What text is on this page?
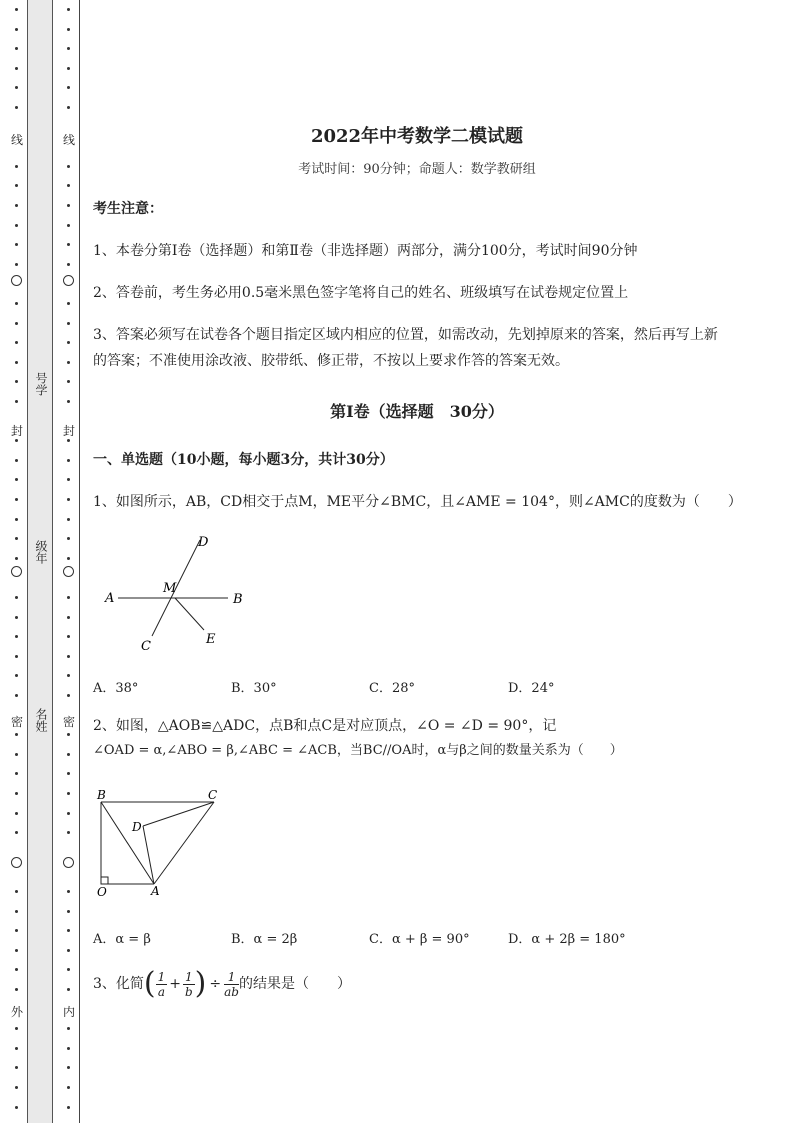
线
封
密
外
线
封
密
内
号学
级年
名姓
2022年中考数学二模试题
考试时间：90分钟；命题人：数学教研组
考生注意：
1、本卷分第I卷（选择题）和第Ⅱ卷（非选择题）两部分，满分100分，考试时间90分钟
2、答卷前，考生务必用0.5毫米黑色签字笔将自己的姓名、班级填写在试卷规定位置上
3、答案必须写在试卷各个题目指定区域内相应的位置，如需改动，先划掉原来的答案，然后再写上新
的答案；不准使用涂改液、胶带纸、修正带，不按以上要求作答的答案无效。
第I卷（选择题　30分）
一、单选题（10小题，每小题3分，共计30分）
1、如图所示，AB，CD相交于点M，ME平分∠BMC，且∠AME = 104°，则∠AMC的度数为（　　）
D
A
M
B
C	E
A．38°	B．30°	C．28°	D．24°
2、如图，△AOB≌△ADC，点B和点C是对应顶点，∠O = ∠D = 90°，记
∠OAD = α,∠ABO = β,∠ABC = ∠ACB，当BC//OA时，α与β之间的数量关系为（　　）
B	C
D
O	A
A．α = β	B．α = 2β	C．α + β = 90°	D．α + 2β = 180°
3、化简( $\frac{1}{a} + \frac{1}{b}$ ) ÷ $\frac{1}{ab}$ 的结果是（　　）
